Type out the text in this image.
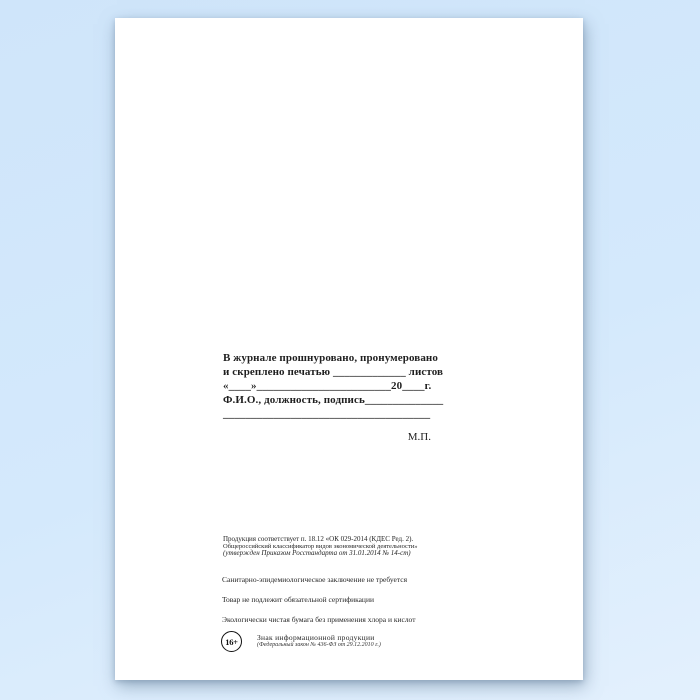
В журнале прошнуровано, пронумеровано
и скреплено печатью _____________ листов
«____»________________________20____г.
Ф.И.О., должность, подпись______________
_____________________________________
М.П.

Продукция соответствует п. 18.12 «ОК 029-2014 (КДЕС Ред. 2).

Общероссийский классификатор видов экономической деятельности»

(утвержден Приказом Росстандарта от 31.01.2014 № 14-ст)

Санитарно-эпидемиологическое заключение не требуется

Товар не подлежит обязательной сертификации

Экологически чистая бумага без применения хлора и кислот

16+	Знак информационной продукции

(Федеральный закон № 436-ФЗ от 29.12.2010 г.)
